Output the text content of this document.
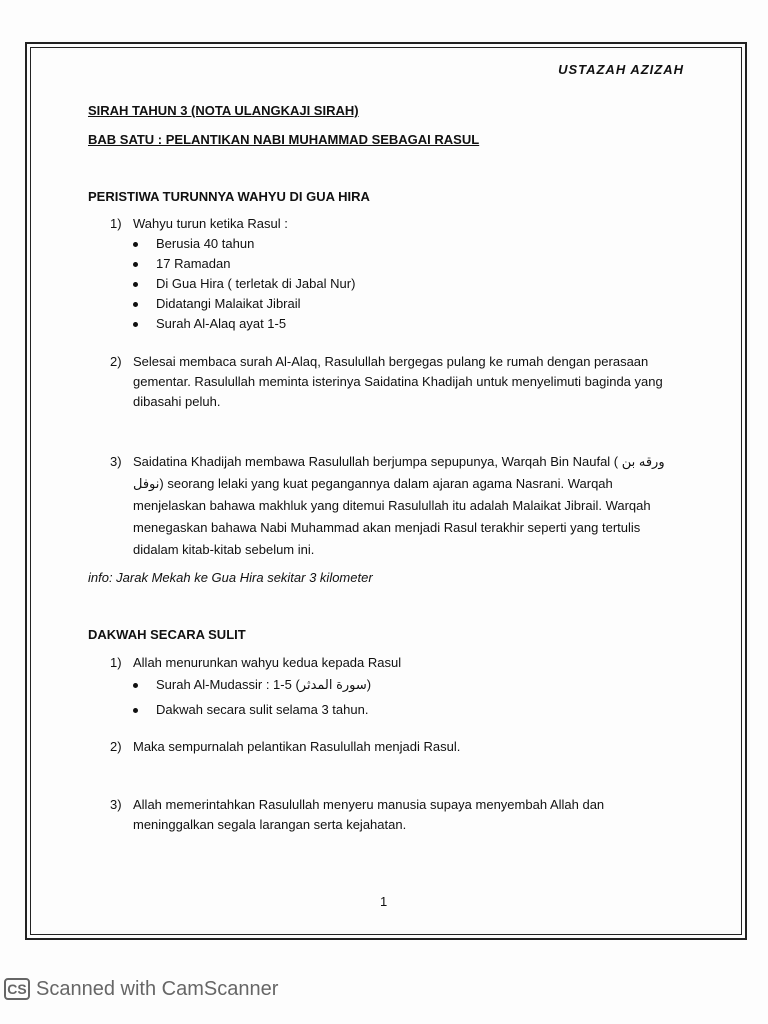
USTAZAH AZIZAH
SIRAH TAHUN 3 (NOTA ULANGKAJI SIRAH)
BAB SATU : PELANTIKAN NABI MUHAMMAD SEBAGAI RASUL
PERISTIWA TURUNNYA WAHYU DI GUA HIRA
1) Wahyu turun ketika Rasul :
Berusia 40 tahun
17 Ramadan
Di Gua Hira ( terletak di Jabal Nur)
Didatangi Malaikat Jibrail
Surah Al-Alaq ayat 1-5
2) Selesai membaca surah Al-Alaq, Rasulullah bergegas pulang ke rumah dengan perasaan gementar. Rasulullah meminta isterinya Saidatina Khadijah untuk menyelimuti baginda yang dibasahi peluh.
3) Saidatina Khadijah membawa Rasulullah berjumpa sepupunya, Warqah Bin Naufal ( ورقه بن نوفل) seorang lelaki yang kuat pegangannya dalam ajaran agama Nasrani. Warqah menjelaskan bahawa makhluk yang ditemui Rasulullah itu adalah Malaikat Jibrail. Warqah menegaskan bahawa Nabi Muhammad akan menjadi Rasul terakhir seperti yang tertulis didalam kitab-kitab sebelum ini.
info: Jarak Mekah ke Gua Hira sekitar 3 kilometer
DAKWAH SECARA SULIT
1) Allah menurunkan wahyu kedua kepada Rasul
Surah Al-Mudassir : 1-5 (سورة المدثر)
Dakwah secara sulit selama 3 tahun.
2) Maka sempurnalah pelantikan Rasulullah menjadi Rasul.
3) Allah memerintahkan Rasulullah menyeru manusia supaya menyembah Allah dan meninggalkan segala larangan serta kejahatan.
1
CS Scanned with CamScanner
